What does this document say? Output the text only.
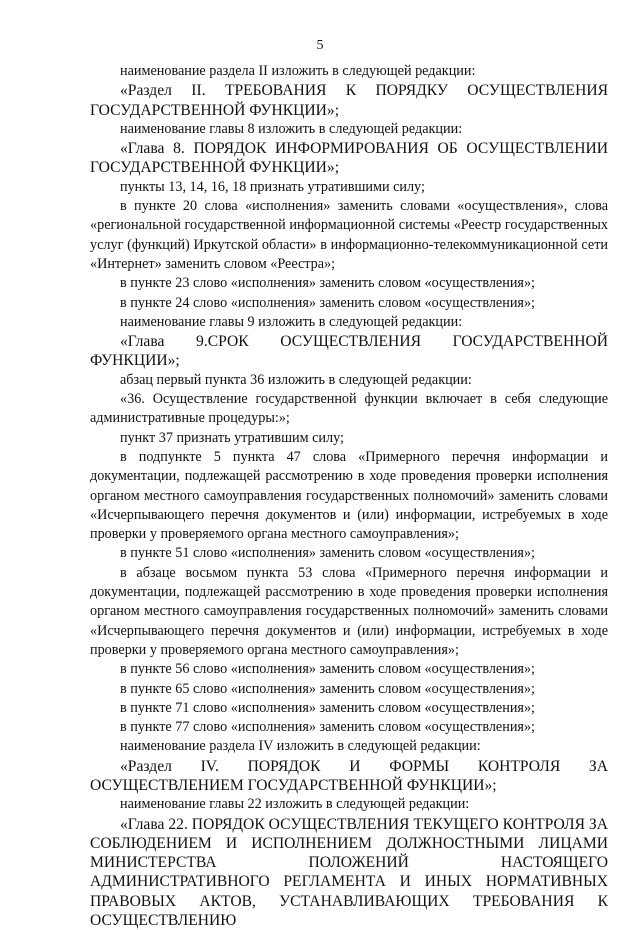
5

наименование раздела II изложить в следующей редакции:

«Раздел II. ТРЕБОВАНИЯ К ПОРЯДКУ ОСУЩЕСТВЛЕНИЯ ГОСУДАРСТВЕННОЙ ФУНКЦИИ»;

наименование главы 8 изложить в следующей редакции:

«Глава 8. ПОРЯДОК ИНФОРМИРОВАНИЯ ОБ ОСУЩЕСТВЛЕНИИ ГОСУДАРСТВЕННОЙ ФУНКЦИИ»;

пункты 13, 14, 16, 18 признать утратившими силу;

в пункте 20 слова «исполнения» заменить словами «осуществления», слова «региональной государственной информационной системы «Реестр государственных услуг (функций) Иркутской области» в информационно-телекоммуникационной сети «Интернет» заменить словом «Реестра»;

в пункте 23 слово «исполнения» заменить словом «осуществления»;

в пункте 24 слово «исполнения» заменить словом «осуществления»;

наименование главы 9 изложить в следующей редакции:

«Глава 9.СРОК ОСУЩЕСТВЛЕНИЯ ГОСУДАРСТВЕННОЙ ФУНКЦИИ»;

абзац первый пункта 36 изложить в следующей редакции:

«36. Осуществление государственной функции включает в себя следующие административные процедуры:»;

пункт 37 признать утратившим силу;

в подпункте 5 пункта 47 слова «Примерного перечня информации и документации, подлежащей рассмотрению в ходе проведения проверки исполнения органом местного самоуправления государственных полномочий» заменить словами «Исчерпывающего перечня документов и (или) информации, истребуемых в ходе проверки у проверяемого органа местного самоуправления»;

в пункте 51 слово «исполнения» заменить словом «осуществления»;

в абзаце восьмом пункта 53 слова «Примерного перечня информации и документации, подлежащей рассмотрению в ходе проведения проверки исполнения органом местного самоуправления государственных полномочий» заменить словами «Исчерпывающего перечня документов и (или) информации, истребуемых в ходе проверки у проверяемого органа местного самоуправления»;

в пункте 56 слово «исполнения» заменить словом «осуществления»;

в пункте 65 слово «исполнения» заменить словом «осуществления»;

в пункте 71 слово «исполнения» заменить словом «осуществления»;

в пункте 77 слово «исполнения» заменить словом «осуществления»;

наименование раздела IV изложить в следующей редакции:

«Раздел IV. ПОРЯДОК И ФОРМЫ КОНТРОЛЯ ЗА ОСУЩЕСТВЛЕНИЕМ ГОСУДАРСТВЕННОЙ ФУНКЦИИ»;

наименование главы 22 изложить в следующей редакции:

«Глава 22. ПОРЯДОК ОСУЩЕСТВЛЕНИЯ ТЕКУЩЕГО КОНТРОЛЯ ЗА СОБЛЮДЕНИЕМ И ИСПОЛНЕНИЕМ ДОЛЖНОСТНЫМИ ЛИЦАМИ МИНИСТЕРСТВА ПОЛОЖЕНИЙ НАСТОЯЩЕГО АДМИНИСТРАТИВНОГО РЕГЛАМЕНТА И ИНЫХ НОРМАТИВНЫХ ПРАВОВЫХ АКТОВ, УСТАНАВЛИВАЮЩИХ ТРЕБОВАНИЯ К ОСУЩЕСТВЛЕНИЮ
